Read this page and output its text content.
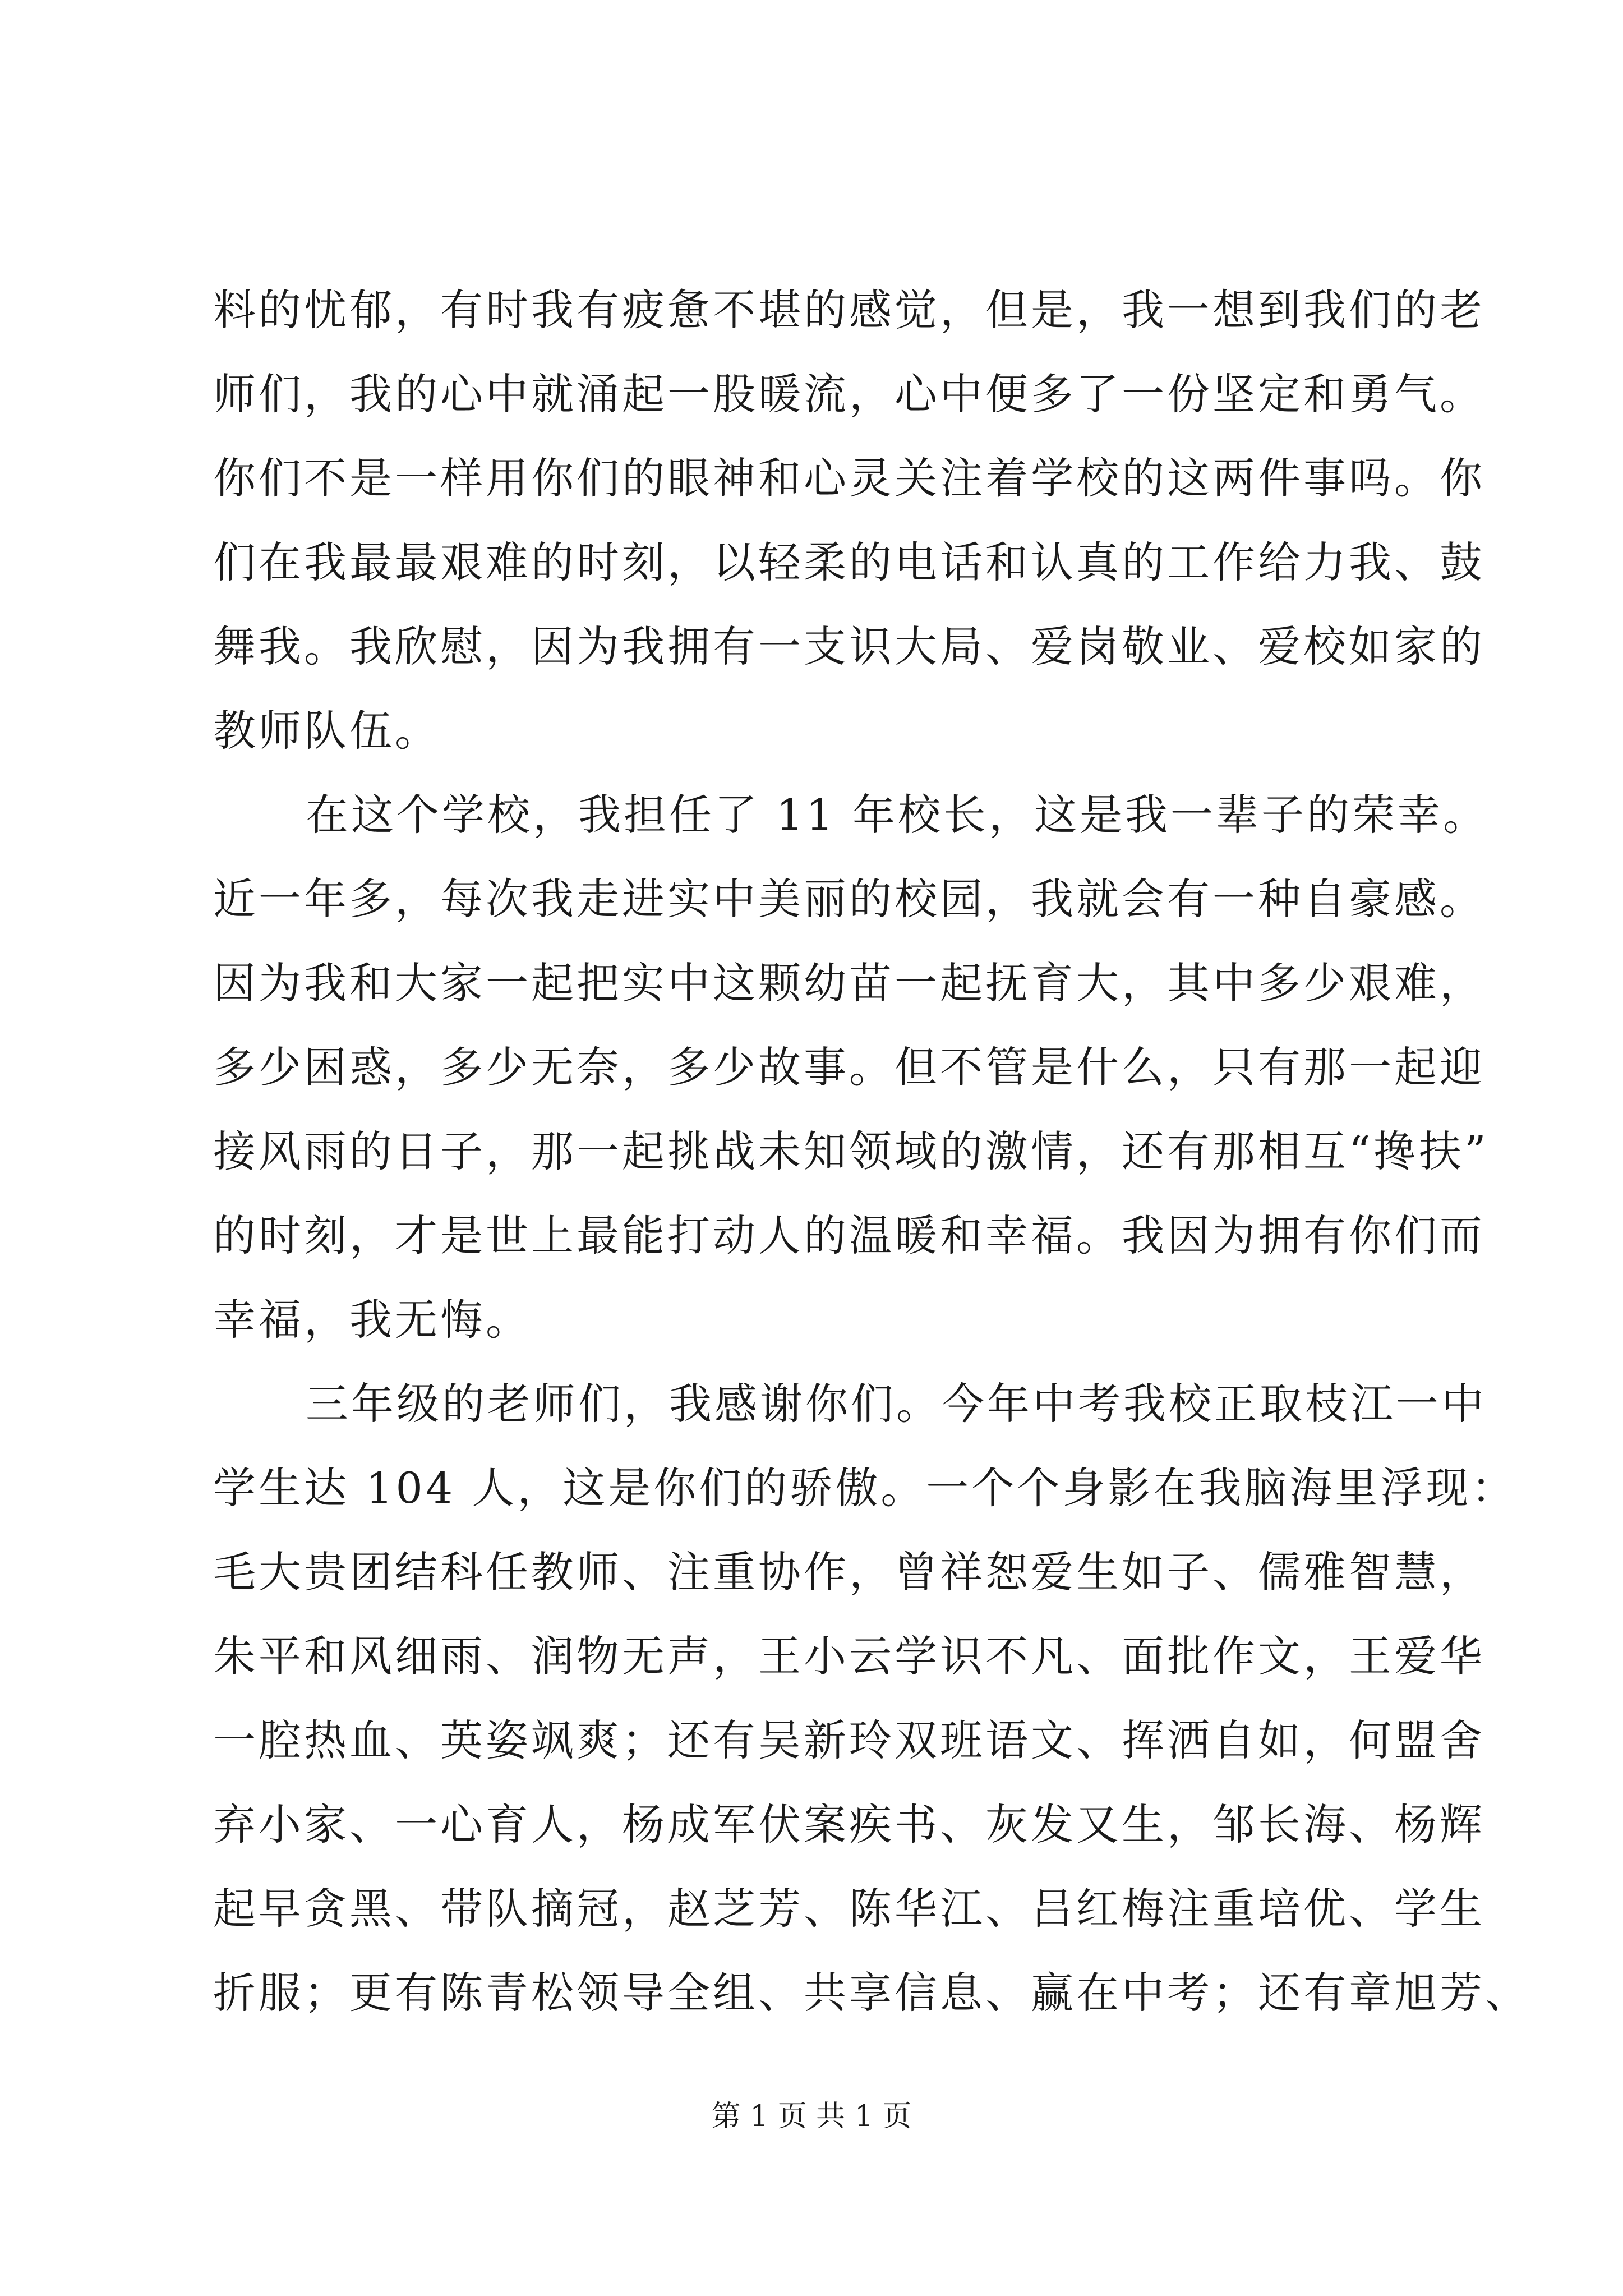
料的忧郁，有时我有疲惫不堪的感觉，但是，我一想到我们的老
师们，我的心中就涌起一股暖流，心中便多了一份坚定和勇气。
你们不是一样用你们的眼神和心灵关注着学校的这两件事吗。你
们在我最最艰难的时刻，以轻柔的电话和认真的工作给力我、鼓
舞我。我欣慰，因为我拥有一支识大局、爱岗敬业、爱校如家的
教师队伍。
在这个学校，我担任了 11 年校长，这是我一辈子的荣幸。
近一年多，每次我走进实中美丽的校园，我就会有一种自豪感。
因为我和大家一起把实中这颗幼苗一起抚育大，其中多少艰难，
多少困惑，多少无奈，多少故事。但不管是什么，只有那一起迎
接风雨的日子，那一起挑战未知领域的激情，还有那相互“搀扶”
的时刻，才是世上最能打动人的温暖和幸福。我因为拥有你们而
幸福，我无悔。
三年级的老师们，我感谢你们。今年中考我校正取枝江一中
学生达 104 人，这是你们的骄傲。一个个身影在我脑海里浮现：
毛大贵团结科任教师、注重协作，曾祥恕爱生如子、儒雅智慧，
朱平和风细雨、润物无声，王小云学识不凡、面批作文，王爱华
一腔热血、英姿飒爽；还有吴新玲双班语文、挥洒自如，何盟舍
弃小家、一心育人，杨成军伏案疾书、灰发又生，邹长海、杨辉
起早贪黑、带队摘冠，赵芝芳、陈华江、吕红梅注重培优、学生
折服；更有陈青松领导全组、共享信息、赢在中考；还有章旭芳、
第 1 页 共 1 页
